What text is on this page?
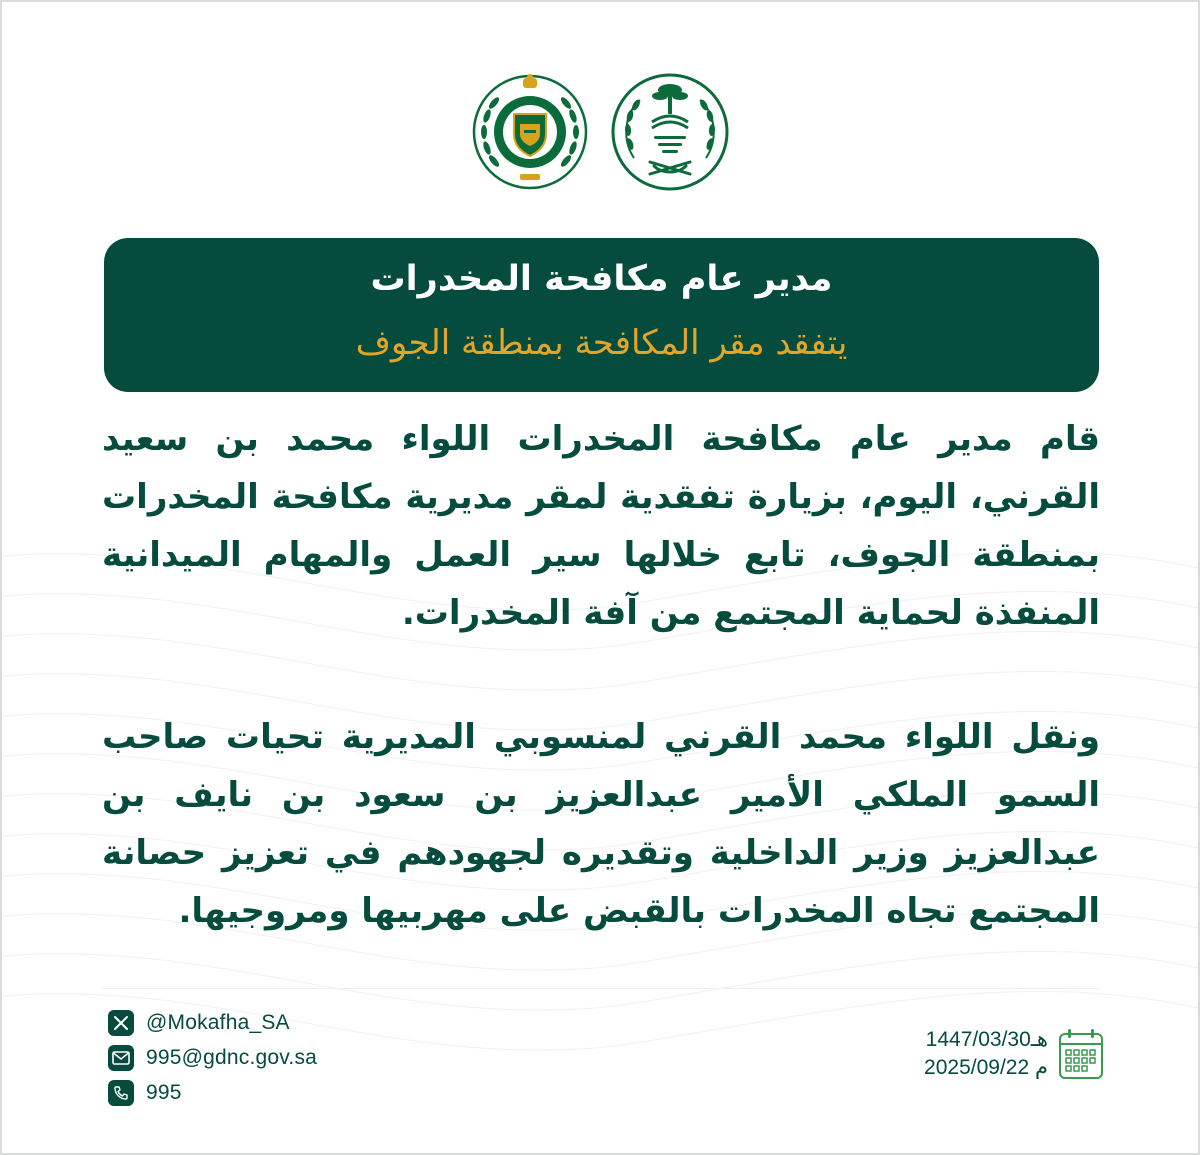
مدير عام مكافحة المخدرات
يتفقد مقر المكافحة بمنطقة الجوف
قام مدير عام مكافحة المخدرات اللواء محمد بن سعيد القرني، اليوم، بزيارة تفقدية لمقر مديرية مكافحة المخدرات بمنطقة الجوف، تابع خلالها سير العمل والمهام الميدانية المنفذة لحماية المجتمع من آفة المخدرات.
ونقل اللواء محمد القرني لمنسوبي المديرية تحيات صاحب السمو الملكي الأمير عبدالعزيز بن سعود بن نايف بن عبدالعزيز وزير الداخلية وتقديره لجهودهم في تعزيز حصانة المجتمع تجاه المخدرات بالقبض على مهربيها ومروجيها.
@Mokafha_SA
995@gdnc.gov.sa
995
1447/03/30هـ
2025/09/22 م
